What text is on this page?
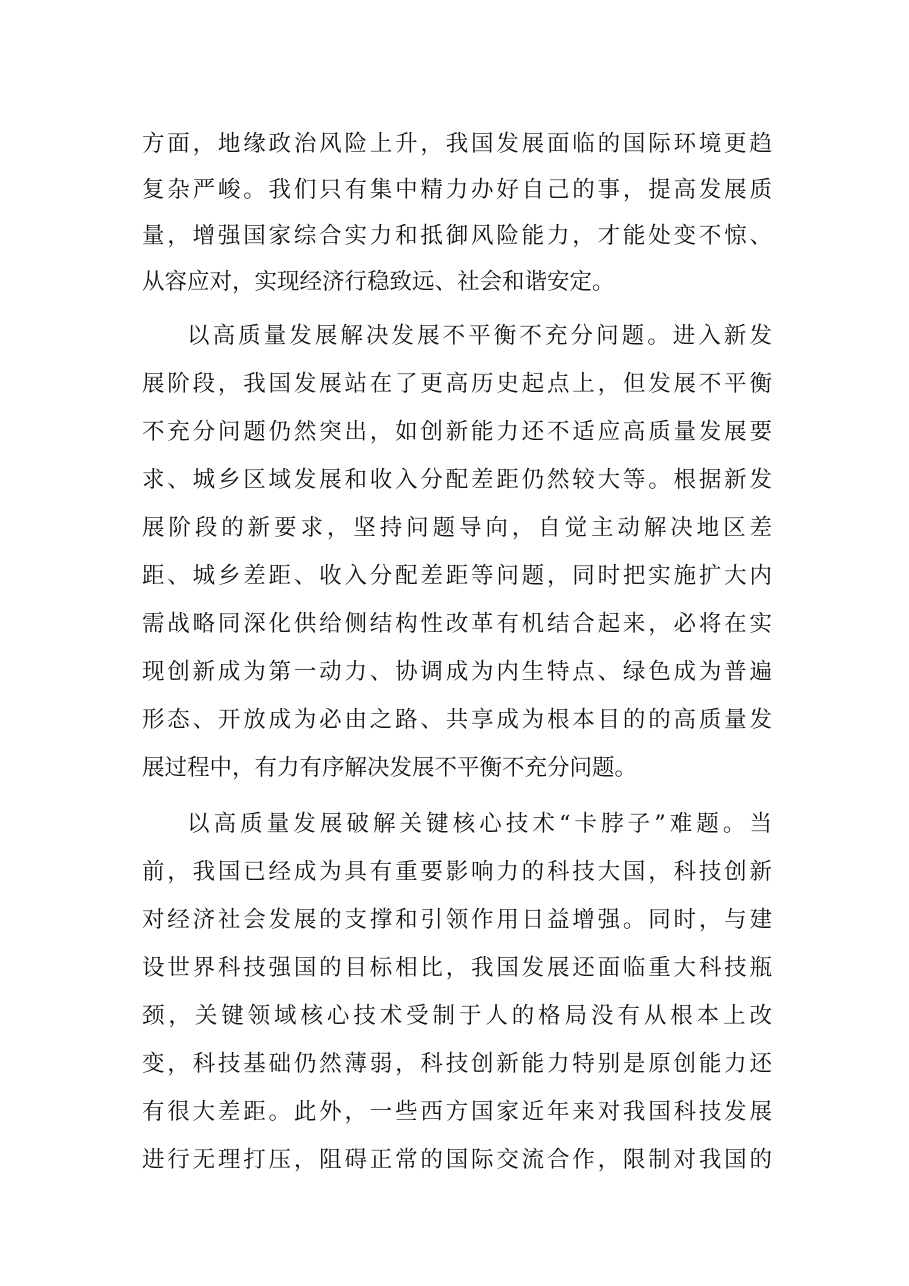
方面，地缘政治风险上升，我国发展面临的国际环境更趋
复杂严峻。我们只有集中精力办好自己的事，提高发展质
量，增强国家综合实力和抵御风险能力，才能处变不惊、
从容应对，实现经济行稳致远、社会和谐安定。
以高质量发展解决发展不平衡不充分问题。进入新发
展阶段，我国发展站在了更高历史起点上，但发展不平衡
不充分问题仍然突出，如创新能力还不适应高质量发展要
求、城乡区域发展和收入分配差距仍然较大等。根据新发
展阶段的新要求，坚持问题导向，自觉主动解决地区差
距、城乡差距、收入分配差距等问题，同时把实施扩大内
需战略同深化供给侧结构性改革有机结合起来，必将在实
现创新成为第一动力、协调成为内生特点、绿色成为普遍
形态、开放成为必由之路、共享成为根本目的的高质量发
展过程中，有力有序解决发展不平衡不充分问题。
以高质量发展破解关键核心技术“卡脖子”难题。当
前，我国已经成为具有重要影响力的科技大国，科技创新
对经济社会发展的支撑和引领作用日益增强。同时，与建
设世界科技强国的目标相比，我国发展还面临重大科技瓶
颈，关键领域核心技术受制于人的格局没有从根本上改
变，科技基础仍然薄弱，科技创新能力特别是原创能力还
有很大差距。此外，一些西方国家近年来对我国科技发展
进行无理打压，阻碍正常的国际交流合作，限制对我国的
